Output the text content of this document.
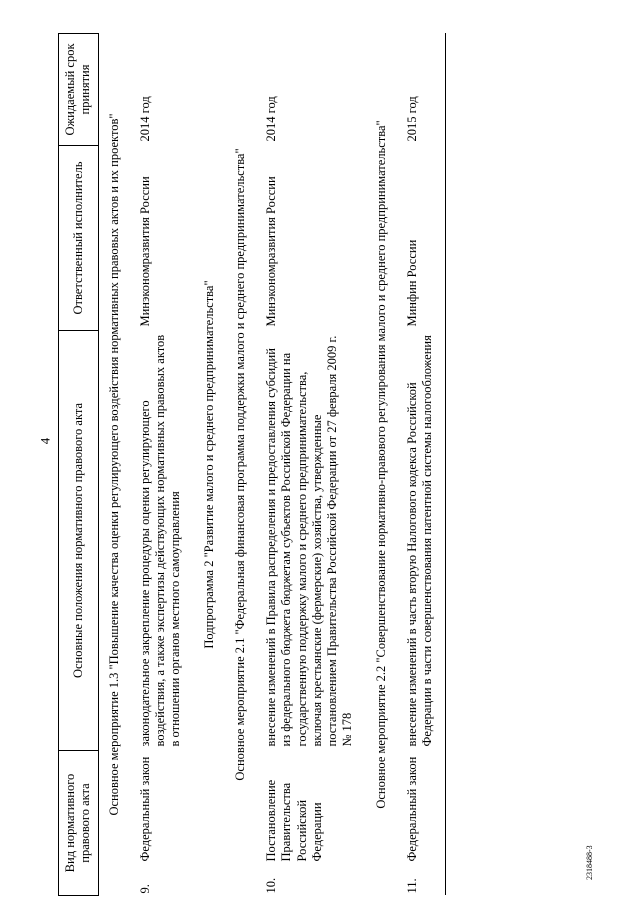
4
2318488-3
Вид нормативного правового акта		Основные положения нормативного правового акта	Ответственный исполнитель	Ожидаемый срок принятия
Основное мероприятие 1.3 "Повышение качества оценки регулирующего воздействия нормативных правовых актов и их проектов"				
9.	Федеральный закон	законодательное закрепление процедуры оценки регулирующего воздействия, а также экспертизы действующих нормативных правовых актов в отношении органов местного самоуправления	Минэкономразвития России	2014 год
Подпрограмма 2 "Развитие малого и среднего предпринимательства"				
Основное мероприятие 2.1 "Федеральная финансовая программа поддержки малого и среднего предпринимательства"				
10.	Постановление Правительства Российской Федерации	внесение изменений в Правила распределения и предоставления субсидий из федерального бюджета бюджетам субъектов Российской Федерации на государственную поддержку малого и среднего предпринимательства, включая крестьянские (фермерские) хозяйства, утвержденные постановлением Правительства Российской Федерации от 27 февраля 2009 г. № 178	Минэкономразвития России	2014 год
Основное мероприятие 2.2 "Совершенствование нормативно-правового регулирования малого и среднего предпринимательства"				
11.	Федеральный закон	внесение изменений в часть вторую Налогового кодекса Российской Федерации в части совершенствования патентной системы налогообложения	Минфин России	2015 год
